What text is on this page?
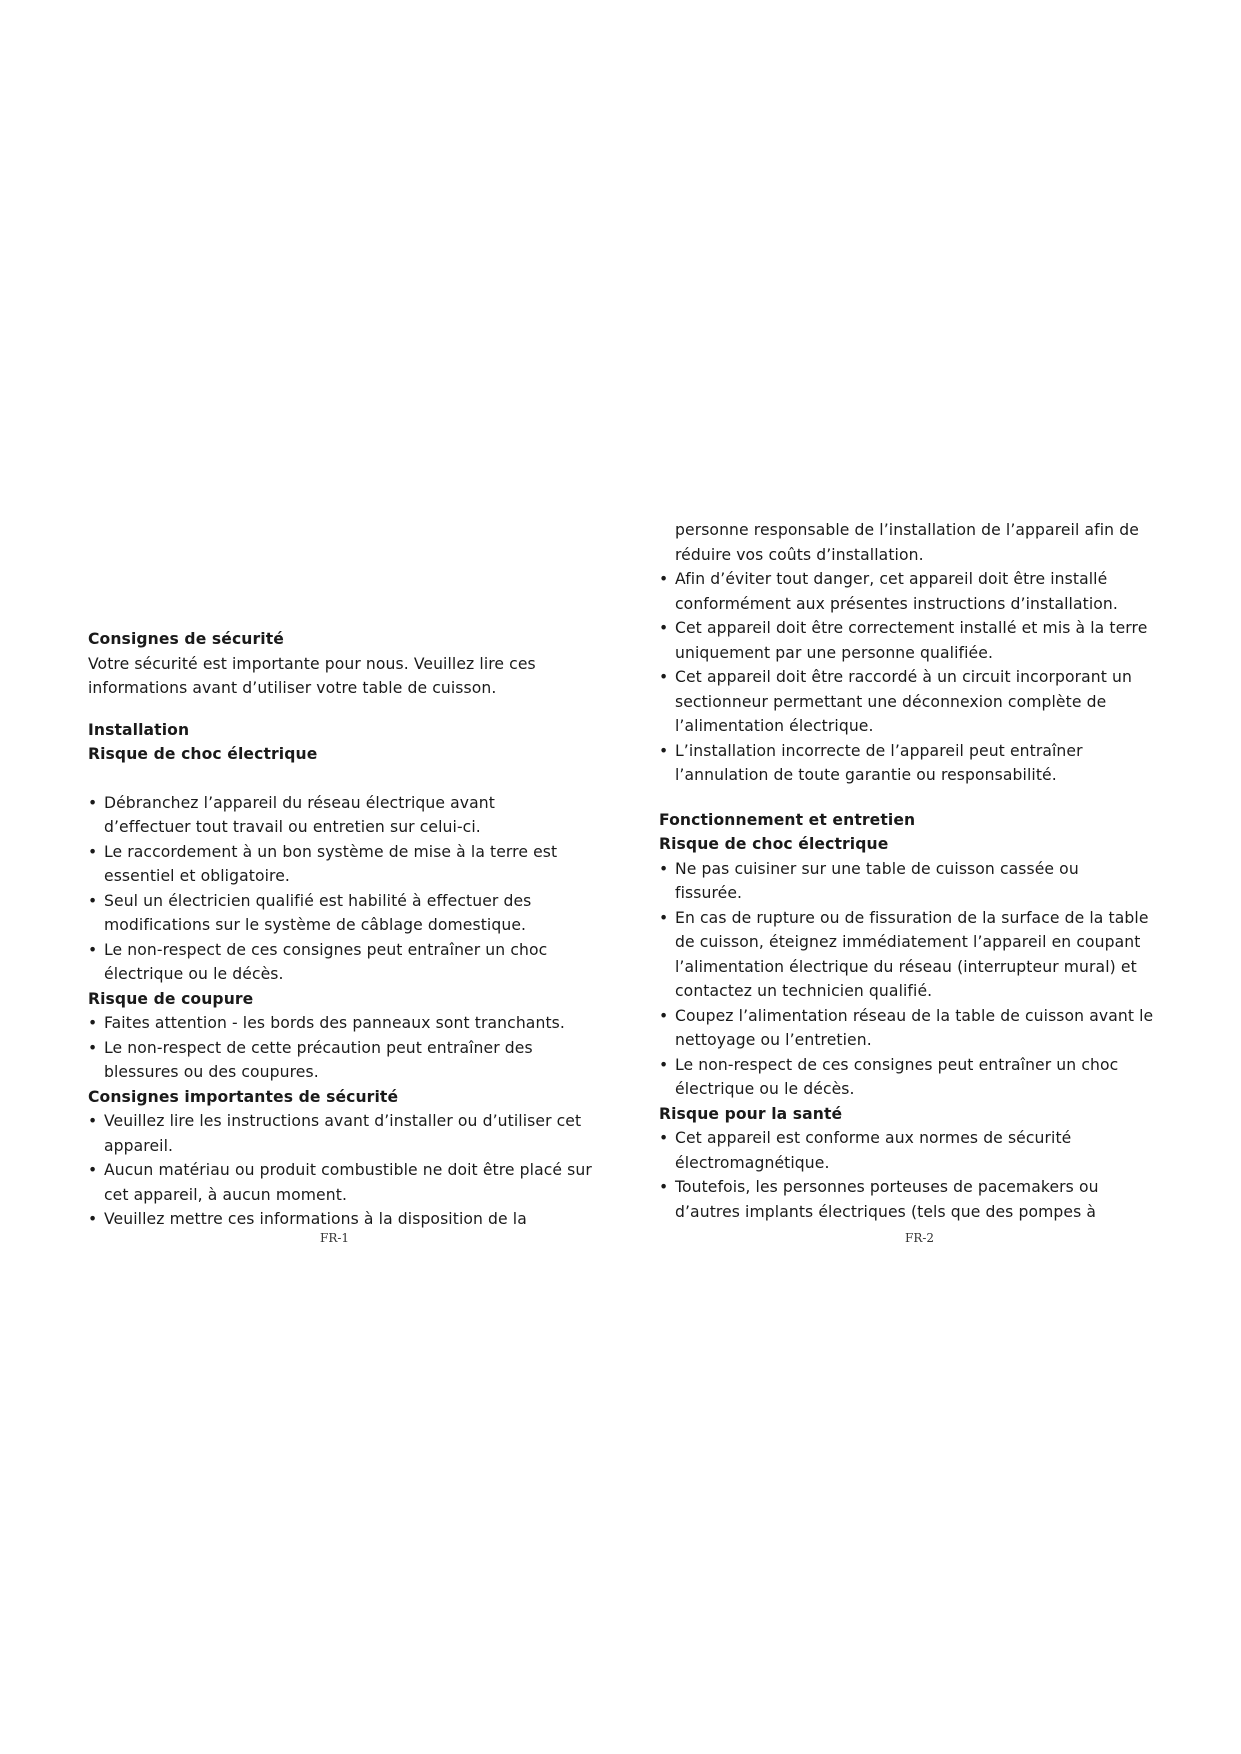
Consignes de sécurité

Votre sécurité est importante pour nous. Veuillez lire ces informations avant d’utiliser votre table de cuisson.

Installation

Risque de choc électrique

• Débranchez l’appareil du réseau électrique avant d’effectuer tout travail ou entretien sur celui-ci.
• Le raccordement à un bon système de mise à la terre est essentiel et obligatoire.
• Seul un électricien qualifié est habilité à effectuer des modifications sur le système de câblage domestique.
• Le non-respect de ces consignes peut entraîner un choc électrique ou le décès.

Risque de coupure

• Faites attention - les bords des panneaux sont tranchants.
• Le non-respect de cette précaution peut entraîner des blessures ou des coupures.

Consignes importantes de sécurité

• Veuillez lire les instructions avant d’installer ou d’utiliser cet appareil.
• Aucun matériau ou produit combustible ne doit être placé sur cet appareil, à aucun moment.
• Veuillez mettre ces informations à la disposition de la

personne responsable de l’installation de l’appareil afin de réduire vos coûts d’installation.

• Afin d’éviter tout danger, cet appareil doit être installé conformément aux présentes instructions d’installation.
• Cet appareil doit être correctement installé et mis à la terre uniquement par une personne qualifiée.
• Cet appareil doit être raccordé à un circuit incorporant un sectionneur permettant une déconnexion complète de l’alimentation électrique.
• L’installation incorrecte de l’appareil peut entraîner l’annulation de toute garantie ou responsabilité.

Fonctionnement et entretien

Risque de choc électrique

• Ne pas cuisiner sur une table de cuisson cassée ou fissurée.
• En cas de rupture ou de fissuration de la surface de la table de cuisson, éteignez immédiatement l’appareil en coupant l’alimentation électrique du réseau (interrupteur mural) et contactez un technicien qualifié.
• Coupez l’alimentation réseau de la table de cuisson avant le nettoyage ou l’entretien.
• Le non-respect de ces consignes peut entraîner un choc électrique ou le décès.

Risque pour la santé

• Cet appareil est conforme aux normes de sécurité électromagnétique.
• Toutefois, les personnes porteuses de pacemakers ou d’autres implants électriques (tels que des pompes à
FR-1	FR-2
